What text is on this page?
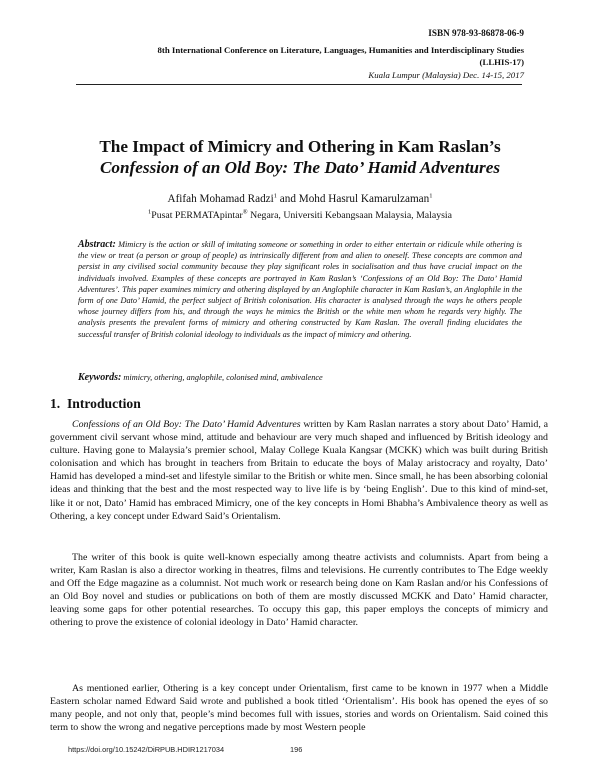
ISBN 978-93-86878-06-9
8th International Conference on Literature, Languages, Humanities and Interdisciplinary Studies
(LLHIS-17)
Kuala Lumpur (Malaysia) Dec. 14-15, 2017
The Impact of Mimicry and Othering in Kam Raslan’s
Confession of an Old Boy: The Dato’ Hamid Adventures
Afifah Mohamad Radzi$^1$ and Mohd Hasrul Kamarulzaman$^1$
$^1$Pusat PERMATApintar® Negara, Universiti Kebangsaan Malaysia, Malaysia
Abstract: Mimicry is the action or skill of imitating someone or something in order to either entertain or ridicule while othering is the view or treat (a person or group of people) as intrinsically different from and alien to oneself. These concepts are common and persist in any civilised social community because they play significant roles in socialisation and thus have crucial impact on the individuals involved. Examples of these concepts are portrayed in Kam Raslan’s ‘Confessions of an Old Boy: The Dato’ Hamid Adventures’. This paper examines mimicry and othering displayed by an Anglophile character in Kam Raslan’s, an Anglophile in the form of one Dato’ Hamid, the perfect subject of British colonisation. His character is analysed through the ways he others people whose journey differs from his, and through the ways he mimics the British or the white men whom he regards very highly. The analysis presents the prevalent forms of mimicry and othering constructed by Kam Raslan. The overall finding elucidates the successful transfer of British colonial ideology to individuals as the impact of mimicry and othering.
Keywords: mimicry, othering, anglophile, colonised mind, ambivalence
1. Introduction

Confessions of an Old Boy: The Dato’ Hamid Adventures written by Kam Raslan narrates a story about Dato’ Hamid, a government civil servant whose mind, attitude and behaviour are very much shaped and influenced by British ideology and culture. Having gone to Malaysia’s premier school, Malay College Kuala Kangsar (MCKK) which was built during British colonisation and which has brought in teachers from Britain to educate the boys of Malay aristocracy and royalty, Dato’ Hamid has developed a mind-set and lifestyle similar to the British or white men. Since small, he has been absorbing colonial ideas and thinking that the best and the most respected way to live life is by ‘being English’. Due to this kind of mind-set, like it or not, Dato’ Hamid has embraced Mimicry, one of the key concepts in Homi Bhabha’s Ambivalence theory as well as Othering, a key concept under Edward Said’s Orientalism.

The writer of this book is quite well-known especially among theatre activists and columnists. Apart from being a writer, Kam Raslan is also a director working in theatres, films and televisions. He currently contributes to The Edge weekly and Off the Edge magazine as a columnist. Not much work or research being done on Kam Raslan and/or his Confessions of an Old Boy novel and studies or publications on both of them are mostly discussed MCKK and Dato’ Hamid character, leaving some gaps for other potential researches. To occupy this gap, this paper employs the concepts of mimicry and othering to prove the existence of colonial ideology in Dato’ Hamid character.

As mentioned earlier, Othering is a key concept under Orientalism, first came to be known in 1977 when a Middle Eastern scholar named Edward Said wrote and published a book titled ‘Orientalism’. His book has opened the eyes of so many people, and not only that, people’s mind becomes full with issues, stories and words on Orientalism. Said coined this term to show the wrong and negative perceptions made by most Western people

https://doi.org/10.15242/DiRPUB.HDIR1217034	196
